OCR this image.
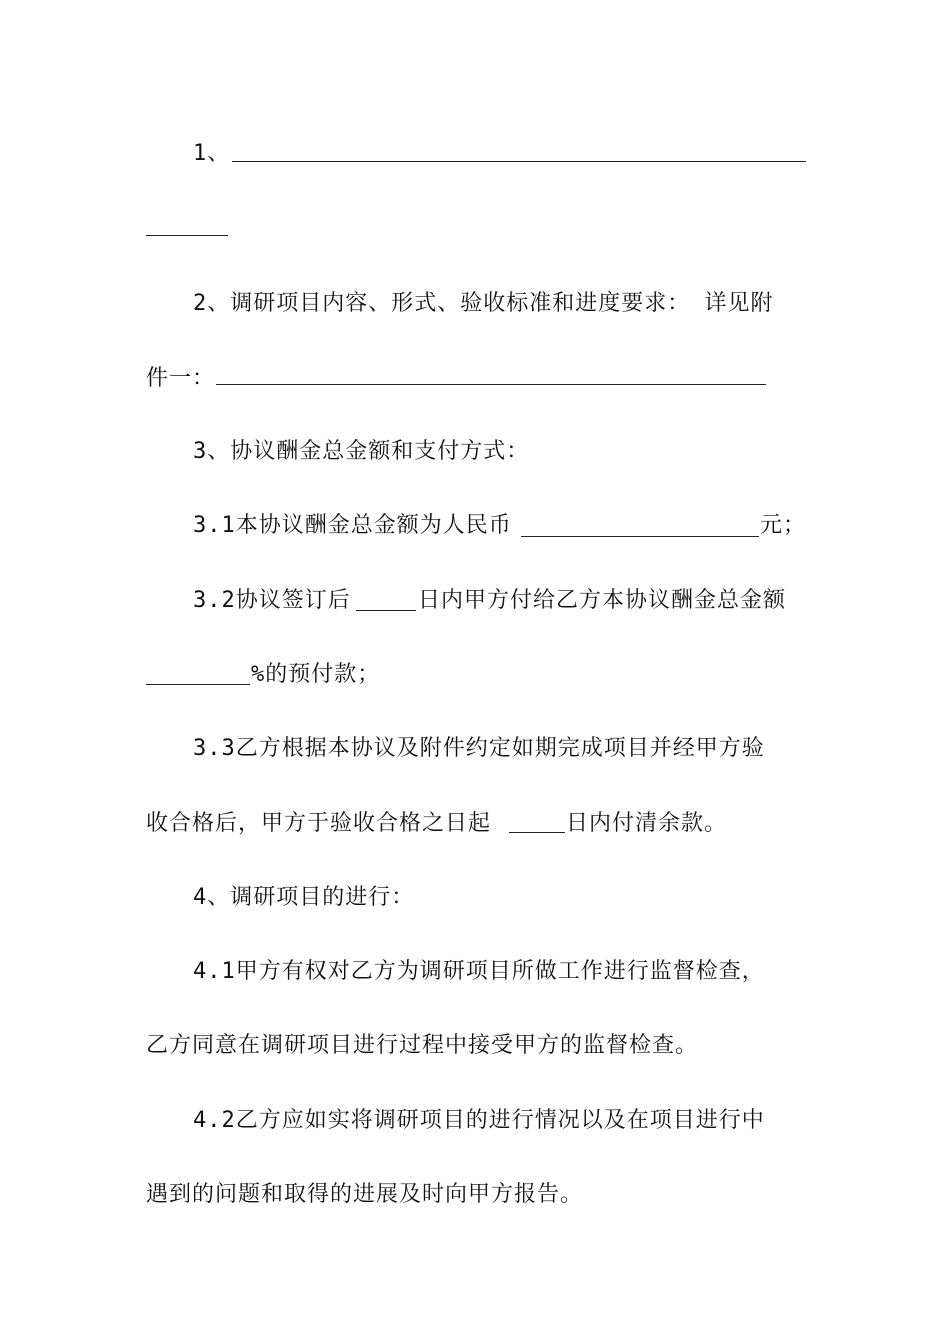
1、
2、调研项目内容、形式、验收标准和进度要求： 详见附
件一：
3、协议酬金总金额和支付方式：
3.1本协议酬金总金额为人民币	元；
3.2协议签订后	日内甲方付给乙方本协议酬金总金额
%的预付款；
3.3乙方根据本协议及附件约定如期完成项目并经甲方验
收合格后，甲方于验收合格之日起	日内付清余款。
4、调研项目的进行：
4.1甲方有权对乙方为调研项目所做工作进行监督检查，
乙方同意在调研项目进行过程中接受甲方的监督检查。
4.2乙方应如实将调研项目的进行情况以及在项目进行中
遇到的问题和取得的进展及时向甲方报告。
